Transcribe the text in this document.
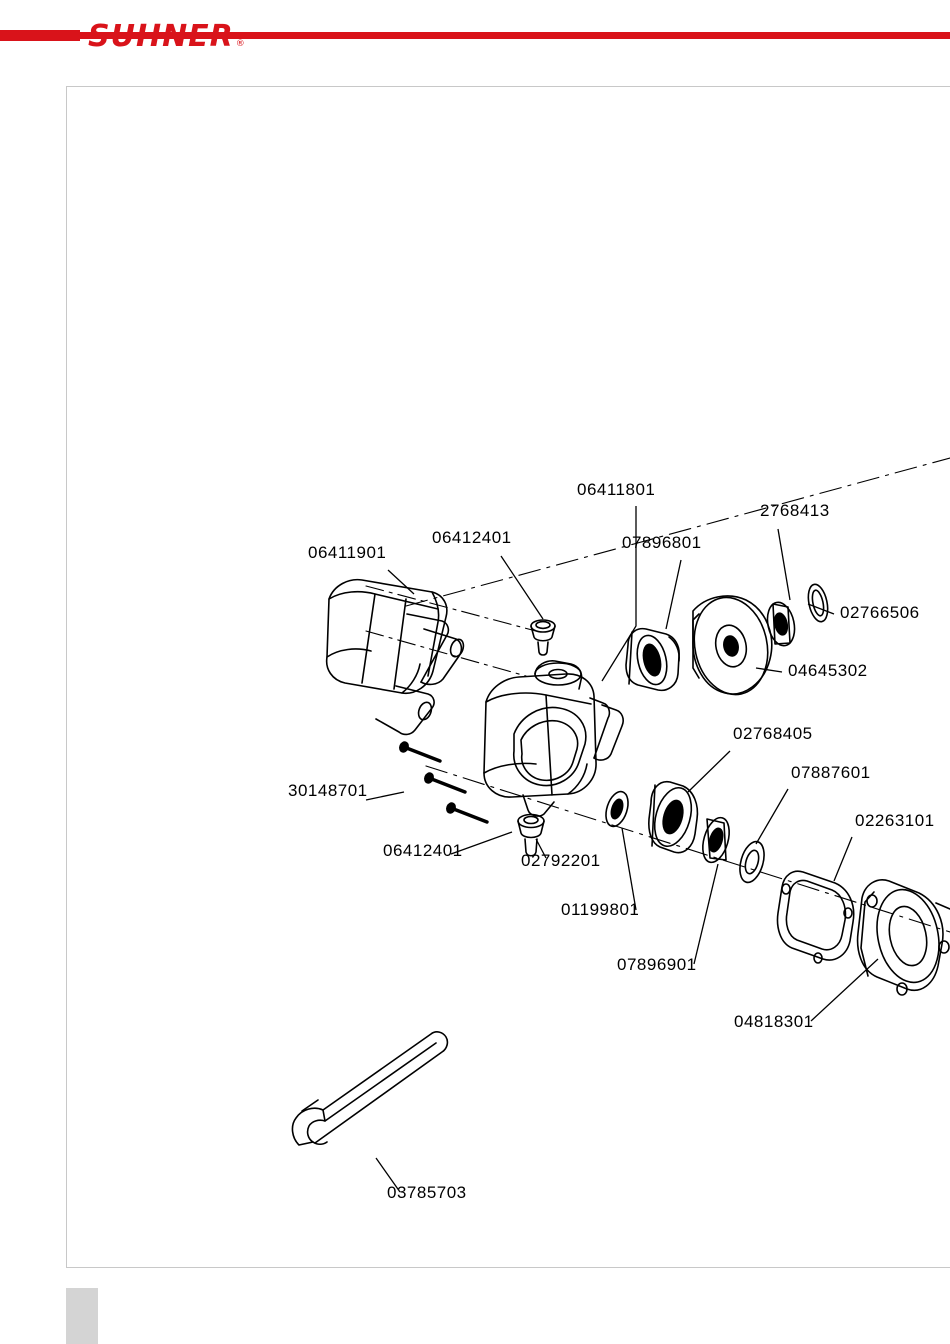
SUHNER ®
06411901
06412401
06411801
07896801
2768413
02766506
04645302
02768405
07887601
02263101
30148701
06412401
02792201
01199801
07896901
04818301
03785703
